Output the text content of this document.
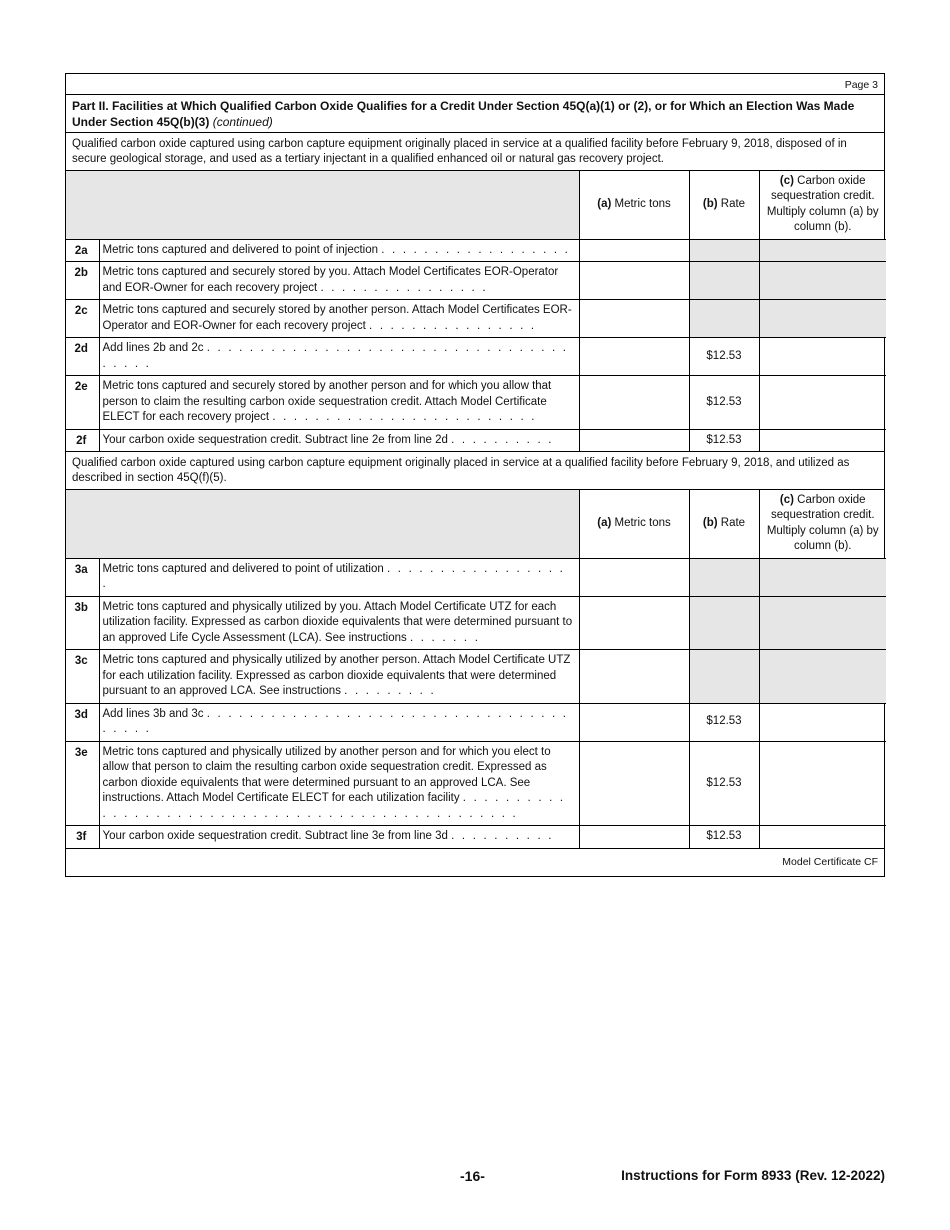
Page 3
Part II. Facilities at Which Qualified Carbon Oxide Qualifies for a Credit Under Section 45Q(a)(1) or (2), or for Which an Election Was Made Under Section 45Q(b)(3) (continued)
Qualified carbon oxide captured using carbon capture equipment originally placed in service at a qualified facility before February 9, 2018, disposed of in secure geological storage, and used as a tertiary injectant in a qualified enhanced oil or natural gas recovery project.
		(a) Metric tons	(b) Rate	(c) Carbon oxide sequestration credit. Multiply column (a) by column (b).
2a	Metric tons captured and delivered to point of injection . . . . . . . . . . . . . . . . . .			
2b	Metric tons captured and securely stored by you. Attach Model Certificates EOR-Operator and EOR-Owner for each recovery project . . . . . . . . . . . . . . . .			
2c	Metric tons captured and securely stored by another person. Attach Model Certificates EOR-Operator and EOR-Owner for each recovery project . . . . . . . . . . . . . . . .			
2d	Add lines 2b and 2c . . . . . . . . . . . . . . . . . . . . . . . . . . . . . . . . . . . . . . .		$12.53	
2e	Metric tons captured and securely stored by another person and for which you allow that person to claim the resulting carbon oxide sequestration credit. Attach Model Certificate ELECT for each recovery project . . . . . . . . . . . . . . . . . . . . . . . . .		$12.53	
2f	Your carbon oxide sequestration credit. Subtract line 2e from line 2d . . . . . . . . . .		$12.53	
Qualified carbon oxide captured using carbon capture equipment originally placed in service at a qualified facility before February 9, 2018, and utilized as described in section 45Q(f)(5).
		(a) Metric tons	(b) Rate	(c) Carbon oxide sequestration credit. Multiply column (a) by column (b).
3a	Metric tons captured and delivered to point of utilization . . . . . . . . . . . . . . . . . .			
3b	Metric tons captured and physically utilized by you. Attach Model Certificate UTZ for each utilization facility. Expressed as carbon dioxide equivalents that were determined pursuant to an approved Life Cycle Assessment (LCA). See instructions . . . . . . .			
3c	Metric tons captured and physically utilized by another person. Attach Model Certificate UTZ for each utilization facility. Expressed as carbon dioxide equivalents that were determined pursuant to an approved LCA. See instructions . . . . . . . . .			
3d	Add lines 3b and 3c . . . . . . . . . . . . . . . . . . . . . . . . . . . . . . . . . . . . . . .		$12.53	
3e	Metric tons captured and physically utilized by another person and for which you elect to allow that person to claim the resulting carbon oxide sequestration credit. Expressed as carbon dioxide equivalents that were determined pursuant to an approved LCA. See instructions. Attach Model Certificate ELECT for each utilization facility . . . . . . . . . . . . . . . . . . . . . . . . . . . . . . . . . . . . . . . . . . . . . . . . .		$12.53	
3f	Your carbon oxide sequestration credit. Subtract line 3e from line 3d . . . . . . . . . .		$12.53	
Model Certificate CF
-16-	Instructions for Form 8933 (Rev. 12-2022)
